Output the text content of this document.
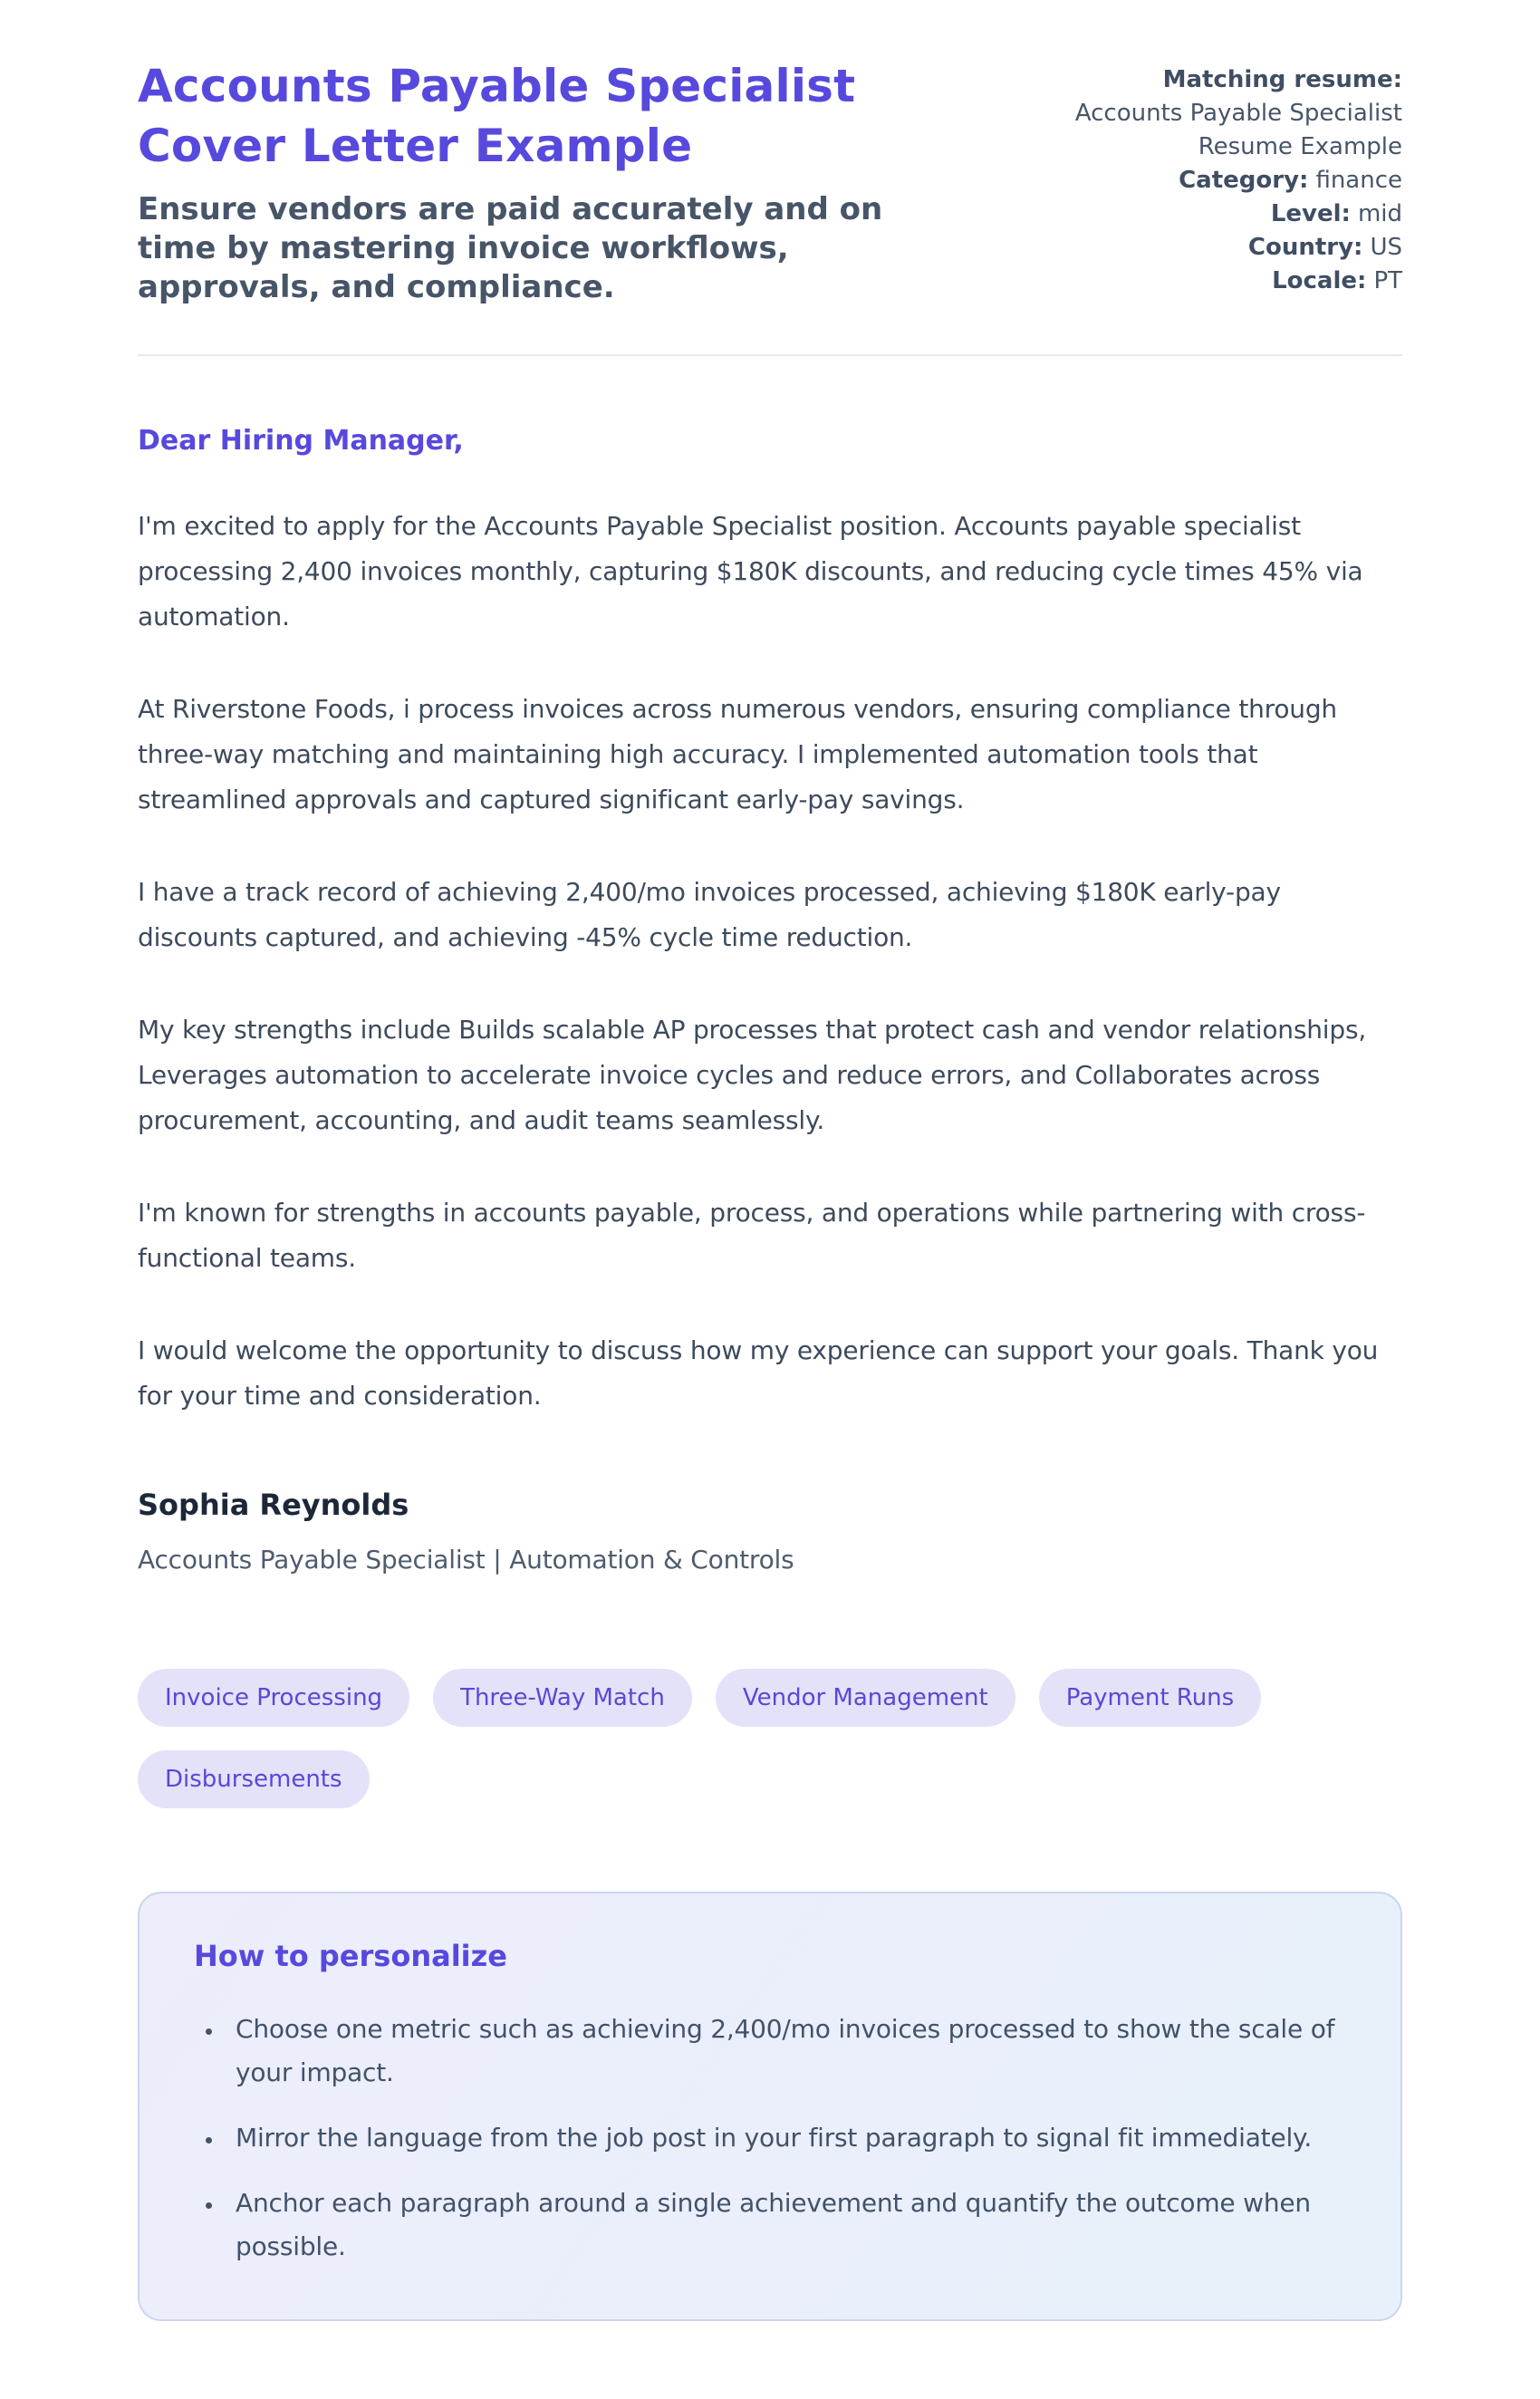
Accounts Payable Specialist Cover Letter Example
Ensure vendors are paid accurately and on time by mastering invoice workflows, approvals, and compliance.
Matching resume:
Accounts Payable Specialist Resume Example
Category: finance
Level: mid
Country: US
Locale: PT
Dear Hiring Manager,

I'm excited to apply for the Accounts Payable Specialist position. Accounts payable specialist processing 2,400 invoices monthly, capturing $180K discounts, and reducing cycle times 45% via automation.

At Riverstone Foods, i process invoices across numerous vendors, ensuring compliance through three-way matching and maintaining high accuracy. I implemented automation tools that streamlined approvals and captured significant early-pay savings.

I have a track record of achieving 2,400/mo invoices processed, achieving $180K early-pay discounts captured, and achieving -45% cycle time reduction.

My key strengths include Builds scalable AP processes that protect cash and vendor relationships, Leverages automation to accelerate invoice cycles and reduce errors, and Collaborates across procurement, accounting, and audit teams seamlessly.

I'm known for strengths in accounts payable, process, and operations while partnering with cross-functional teams.

I would welcome the opportunity to discuss how my experience can support your goals. Thank you for your time and consideration.

Sophia Reynolds
Accounts Payable Specialist | Automation & Controls
Invoice Processing	Three-Way Match	Vendor Management	Payment Runs
Disbursements
How to personalize
• Choose one metric such as achieving 2,400/mo invoices processed to show the scale of your impact.
• Mirror the language from the job post in your first paragraph to signal fit immediately.
• Anchor each paragraph around a single achievement and quantify the outcome when possible.
